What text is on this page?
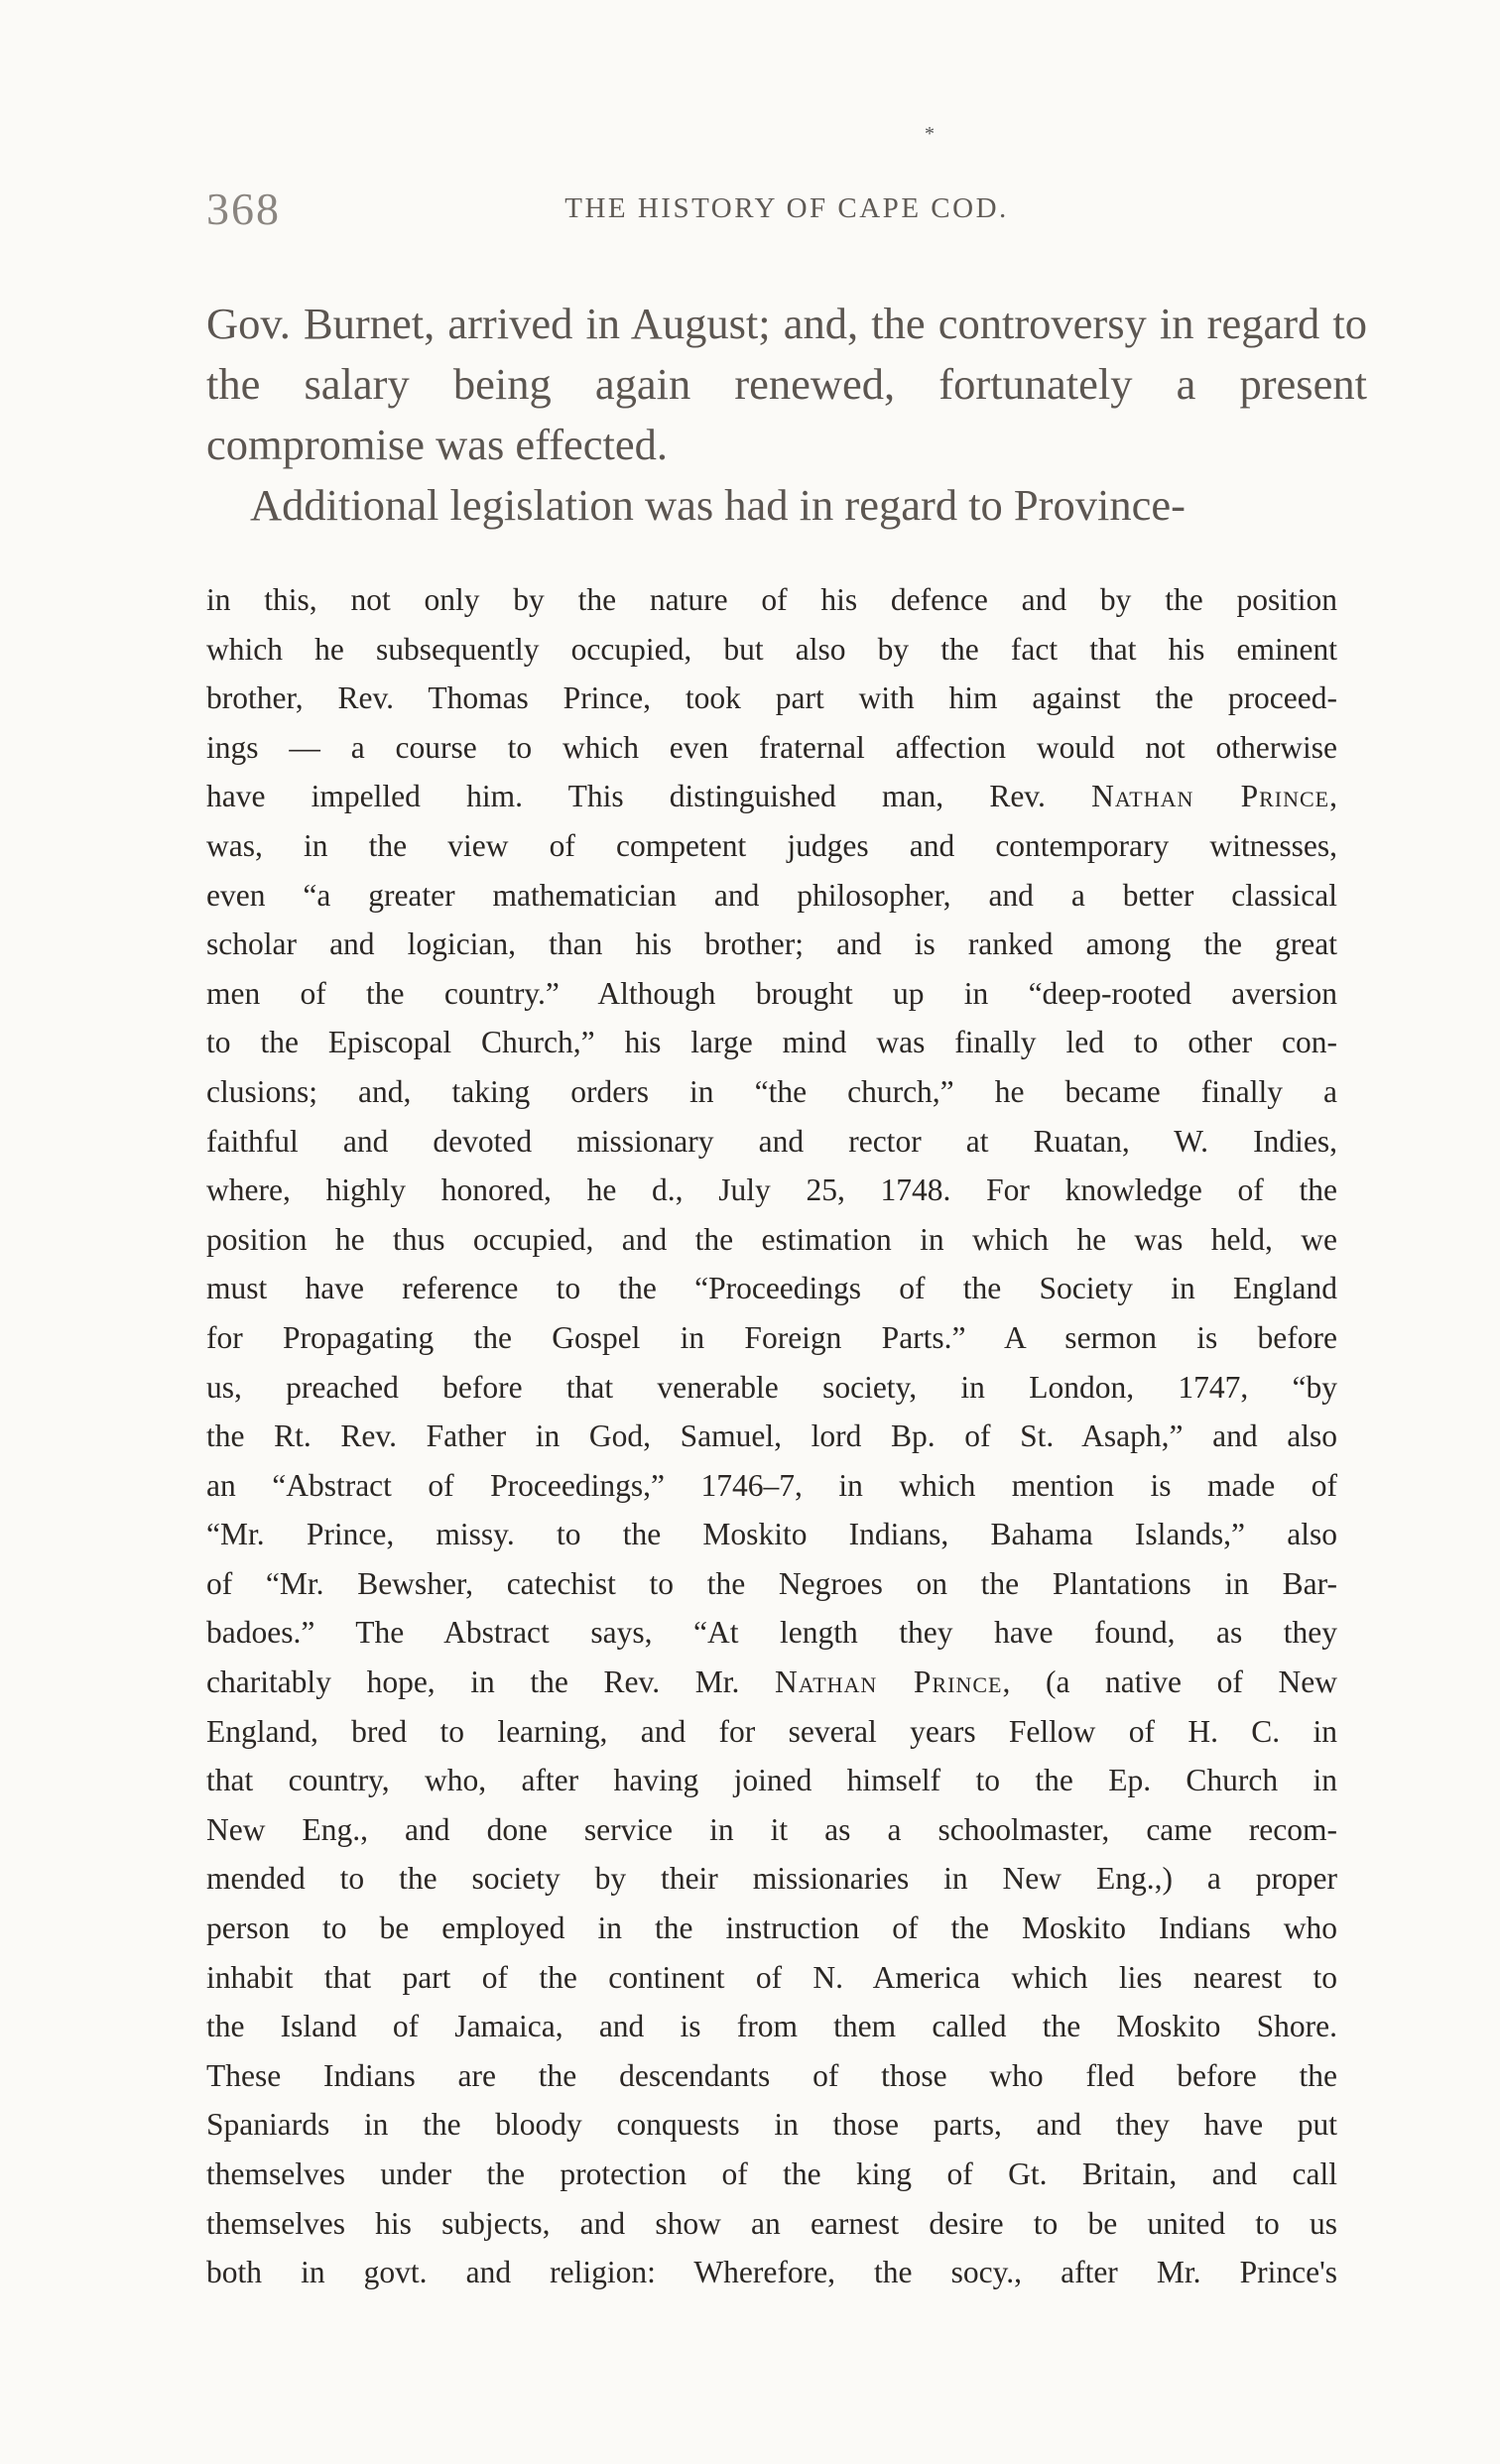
*
368	THE HISTORY OF CAPE COD.

Gov. Burnet, arrived in August; and, the controversy in regard to the salary being again renewed, fortunately a present compromise was effected.

Additional legislation was had in regard to Province-

in this, not only by the nature of his defence and by the position
which he subsequently occupied, but also by the fact that his eminent
brother, Rev. Thomas Prince, took part with him against the proceed-
ings — a course to which even fraternal affection would not otherwise
have impelled him. This distinguished man, Rev. Nathan Prince,
was, in the view of competent judges and contemporary witnesses,
even “a greater mathematician and philosopher, and a better classical
scholar and logician, than his brother; and is ranked among the great
men of the country.” Although brought up in “deep-rooted aversion
to the Episcopal Church,” his large mind was finally led to other con-
clusions; and, taking orders in “the church,” he became finally a
faithful and devoted missionary and rector at Ruatan, W. Indies,
where, highly honored, he d., July 25, 1748. For knowledge of the
position he thus occupied, and the estimation in which he was held, we
must have reference to the “Proceedings of the Society in England
for Propagating the Gospel in Foreign Parts.” A sermon is before
us, preached before that venerable society, in London, 1747, “by
the Rt. Rev. Father in God, Samuel, lord Bp. of St. Asaph,” and also
an “Abstract of Proceedings,” 1746–7, in which mention is made of
“Mr. Prince, missy. to the Moskito Indians, Bahama Islands,” also
of “Mr. Bewsher, catechist to the Negroes on the Plantations in Bar-
badoes.” The Abstract says, “At length they have found, as they
charitably hope, in the Rev. Mr. Nathan Prince, (a native of New
England, bred to learning, and for several years Fellow of H. C. in
that country, who, after having joined himself to the Ep. Church in
New Eng., and done service in it as a schoolmaster, came recom-
mended to the society by their missionaries in New Eng.,) a proper
person to be employed in the instruction of the Moskito Indians who
inhabit that part of the continent of N. America which lies nearest to
the Island of Jamaica, and is from them called the Moskito Shore.
These Indians are the descendants of those who fled before the
Spaniards in the bloody conquests in those parts, and they have put
themselves under the protection of the king of Gt. Britain, and call
themselves his subjects, and show an earnest desire to be united to us
both in govt. and religion: Wherefore, the socy., after Mr. Prince's
